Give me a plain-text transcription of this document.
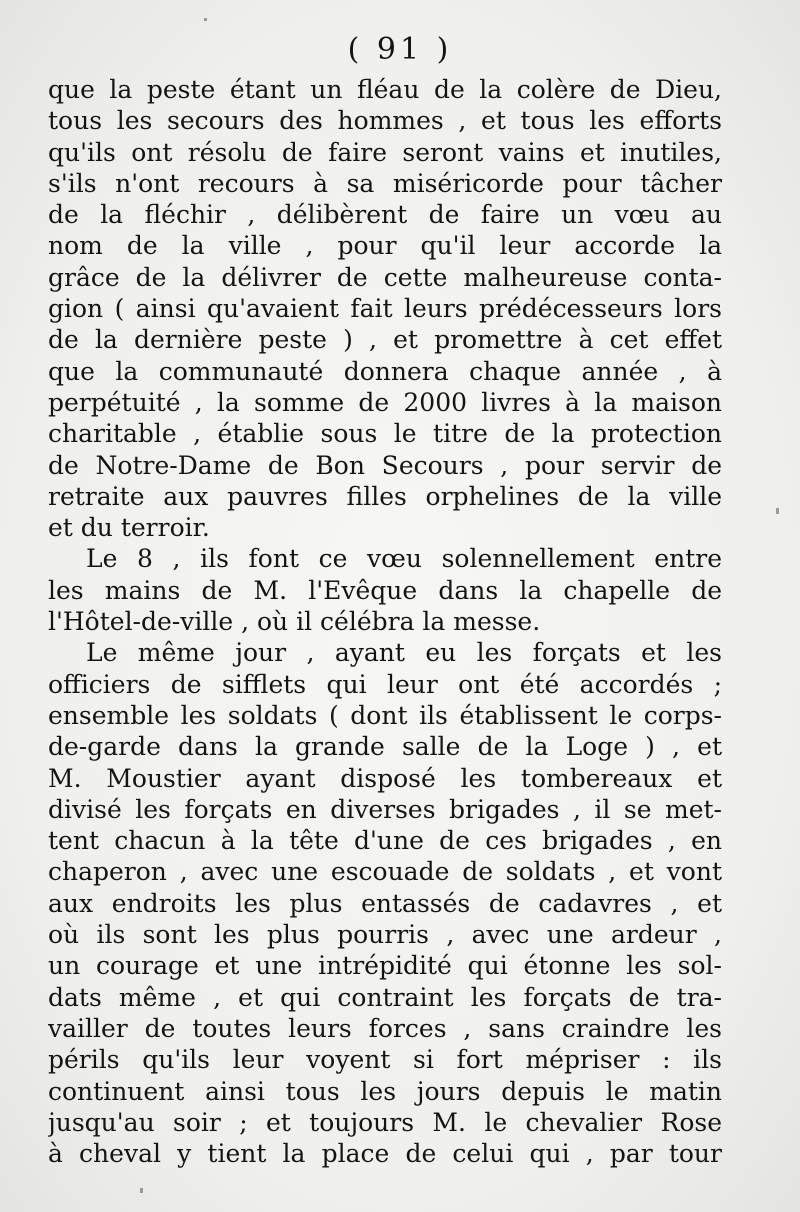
( 91 )
que la peste étant un fléau de la colère de Dieu,
tous les secours des hommes , et tous les efforts
qu'ils ont résolu de faire seront vains et inutiles,
s'ils n'ont recours à sa miséricorde pour tâcher
de la fléchir , délibèrent de faire un vœu au
nom de la ville , pour qu'il leur accorde la
grâce de la délivrer de cette malheureuse conta-
gion ( ainsi qu'avaient fait leurs prédécesseurs lors
de la dernière peste ) , et promettre à cet effet
que la communauté donnera chaque année , à
perpétuité , la somme de 2000 livres à la maison
charitable , établie sous le titre de la protection
de Notre-Dame de Bon Secours , pour servir de
retraite aux pauvres filles orphelines de la ville
et du terroir.
Le 8 , ils font ce vœu solennellement entre
les mains de M. l'Evêque dans la chapelle de
l'Hôtel-de-ville , où il célébra la messe.
Le même jour , ayant eu les forçats et les
officiers de sifflets qui leur ont été accordés ;
ensemble les soldats ( dont ils établissent le corps-
de-garde dans la grande salle de la Loge ) , et
M. Moustier ayant disposé les tombereaux et
divisé les forçats en diverses brigades , il se met-
tent chacun à la tête d'une de ces brigades , en
chaperon , avec une escouade de soldats , et vont
aux endroits les plus entassés de cadavres , et
où ils sont les plus pourris , avec une ardeur ,
un courage et une intrépidité qui étonne les sol-
dats même , et qui contraint les forçats de tra-
vailler de toutes leurs forces , sans craindre les
périls qu'ils leur voyent si fort mépriser : ils
continuent ainsi tous les jours depuis le matin
jusqu'au soir ; et toujours M. le chevalier Rose
à cheval y tient la place de celui qui , par tour
